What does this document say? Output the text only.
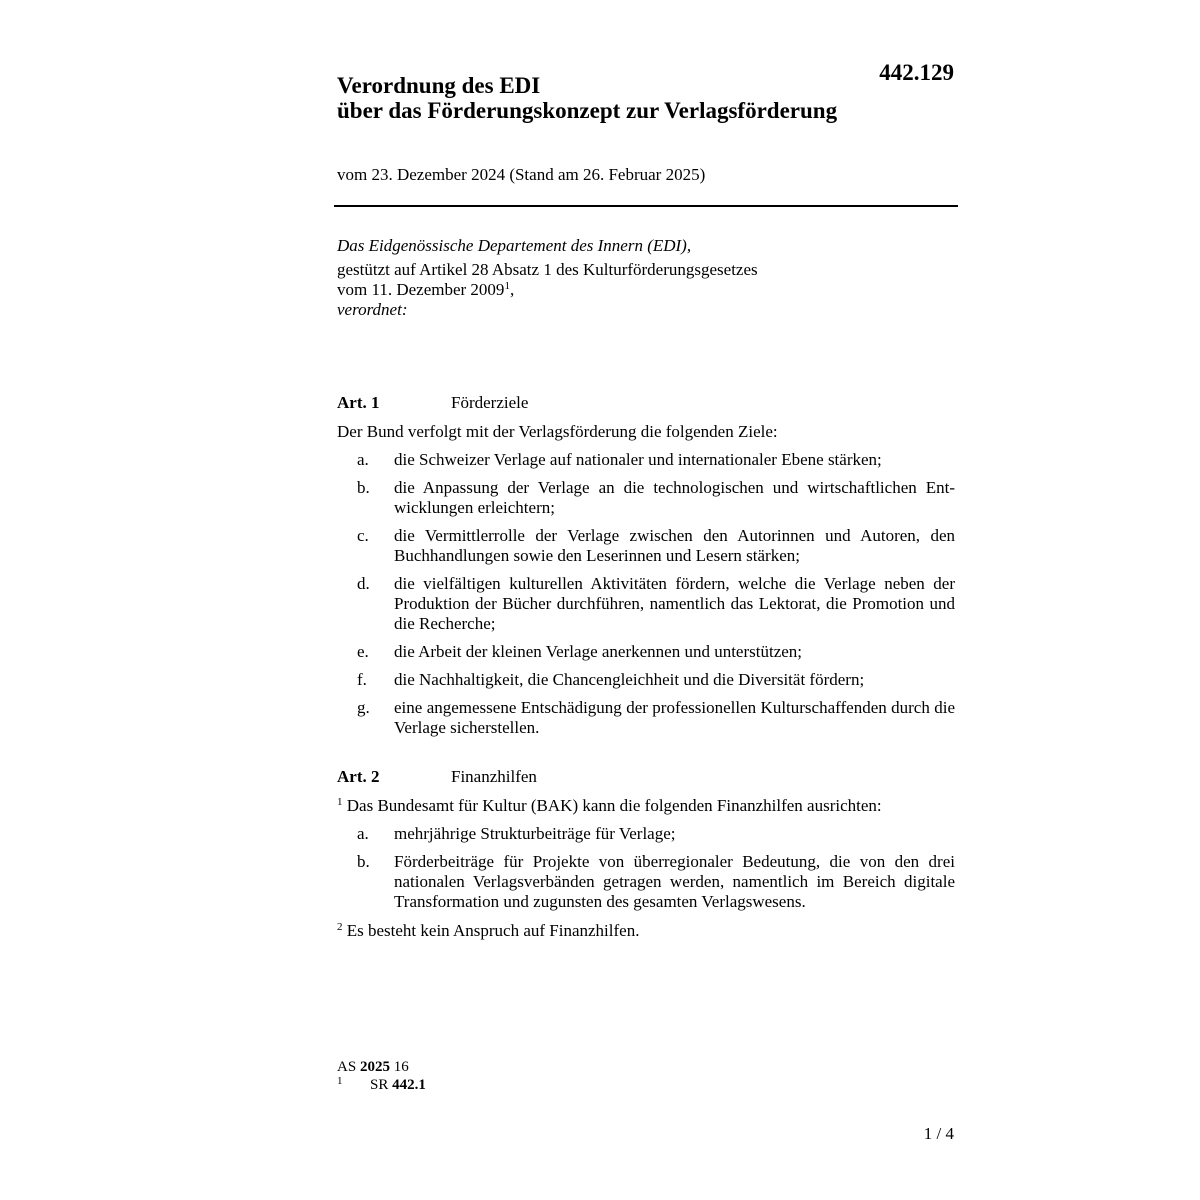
442.129
Verordnung des EDI
über das Förderungskonzept zur Verlagsförderung
vom 23. Dezember 2024 (Stand am 26. Februar 2025)
Das Eidgenössische Departement des Innern (EDI),
gestützt auf Artikel 28 Absatz 1 des Kulturförderungsgesetzes
vom 11. Dezember 2009$^1$,
verordnet:
Art. 1	Förderziele
Der Bund verfolgt mit der Verlagsförderung die folgenden Ziele:
a.	die Schweizer Verlage auf nationaler und internationaler Ebene stärken;
b.	die Anpassung der Verlage an die technologischen und wirtschaftlichen Entwicklungen erleichtern;
c.	die Vermittlerrolle der Verlage zwischen den Autorinnen und Autoren, den Buchhandlungen sowie den Leserinnen und Lesern stärken;
d.	die vielfältigen kulturellen Aktivitäten fördern, welche die Verlage neben der Produktion der Bücher durchführen, namentlich das Lektorat, die Promotion und die Recherche;
e.	die Arbeit der kleinen Verlage anerkennen und unterstützen;
f.	die Nachhaltigkeit, die Chancengleichheit und die Diversität fördern;
g.	eine angemessene Entschädigung der professionellen Kulturschaffenden durch die Verlage sicherstellen.
Art. 2	Finanzhilfen
$^1$ Das Bundesamt für Kultur (BAK) kann die folgenden Finanzhilfen ausrichten:
a.	mehrjährige Strukturbeiträge für Verlage;
b.	Förderbeiträge für Projekte von überregionaler Bedeutung, die von den drei nationalen Verlagsverbänden getragen werden, namentlich im Bereich digitale Transformation und zugunsten des gesamten Verlagswesens.
$^2$ Es besteht kein Anspruch auf Finanzhilfen.
AS 2025 16
1 SR 442.1
1 / 4
